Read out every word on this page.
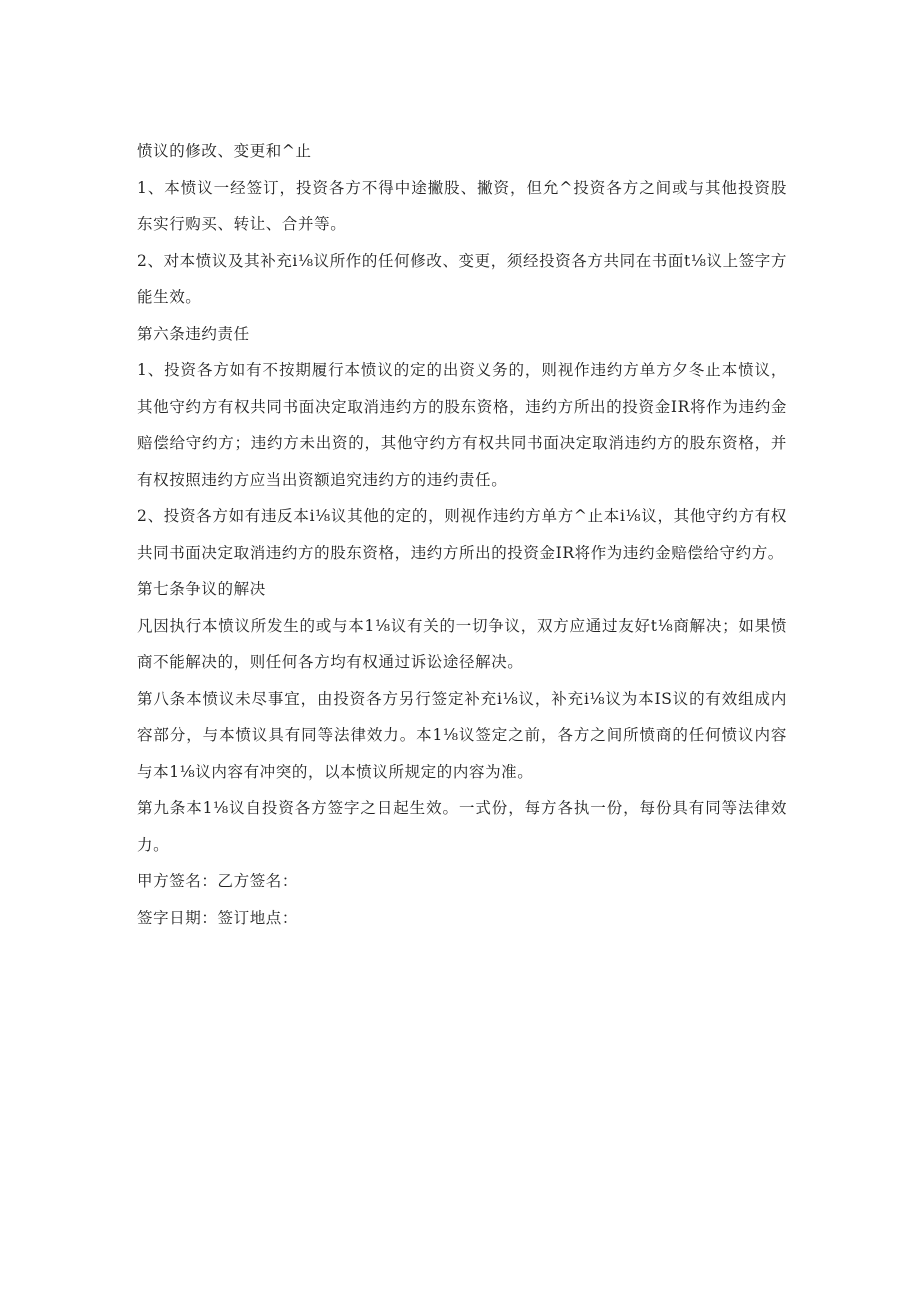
愤议的修改、变更和^止

1、本愤议一经签订，投资各方不得中途撇股、撇资，但允^投资各方之间或与其他投资股东实行购买、转让、合并等。

2、对本愤议及其补充i⅛议所作的任何修改、变更，须经投资各方共同在书面t⅛议上签字方能生效。

第六条违约责任

1、投资各方如有不按期履行本愤议的定的出资义务的，则视作违约方单方夕冬止本愤议，其他守约方有权共同书面决定取消违约方的股东资格，违约方所出的投资金IR将作为违约金赔偿给守约方；违约方未出资的，其他守约方有权共同书面决定取消违约方的股东资格，并有权按照违约方应当出资额追究违约方的违约责任。

2、投资各方如有违反本i⅛议其他的定的，则视作违约方单方^止本i⅛议，其他守约方有权共同书面决定取消违约方的股东资格，违约方所出的投资金IR将作为违约金赔偿给守约方。

第七条争议的解决

凡因执行本愤议所发生的或与本1⅛议有关的一切争议，双方应通过友好t⅛商解决；如果愤商不能解决的，则任何各方均有权通过诉讼途径解决。

第八条本愤议未尽事宜，由投资各方另行签定补充i⅛议，补充i⅛议为本IS议的有效组成内容部分，与本愤议具有同等法律效力。本1⅛议签定之前，各方之间所愤商的任何愤议内容与本1⅛议内容有冲突的，以本愤议所规定的内容为准。

第九条本1⅛议自投资各方签字之日起生效。一式份，每方各执一份，每份具有同等法律效力。

甲方签名：乙方签名：

签字日期：签订地点：
